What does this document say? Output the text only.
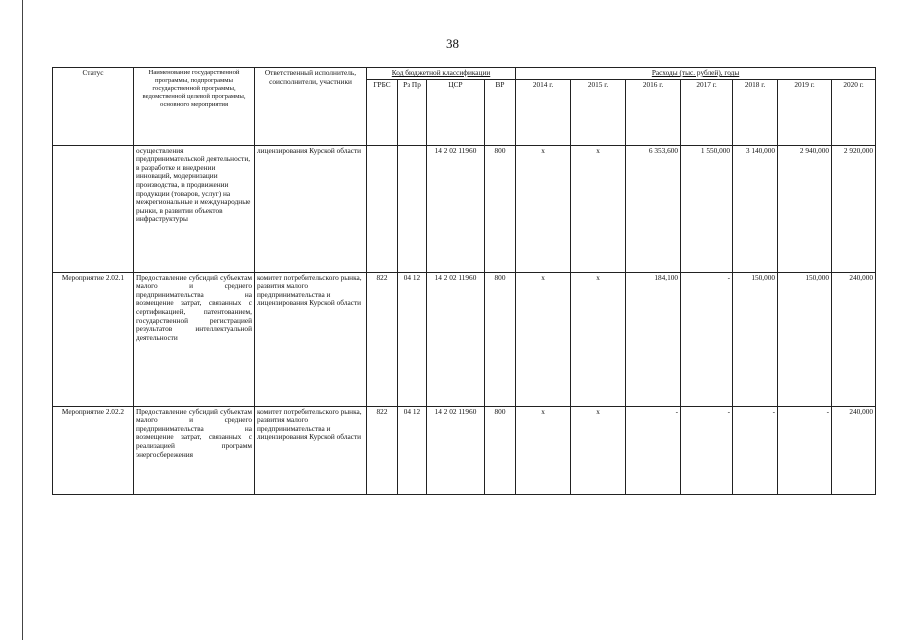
38
Статус	Наименование государственной программы, подпрограммы государственной программы, ведомственной целевой программы, основного мероприятия	Ответственный исполнитель, соисполнители, участники	Код бюджетной классификации				Расходы (тыс. рублей), годы						
			ГРБС	Рз Пр	ЦСР	ВР	2014 г.	2015 г.	2016 г.	2017 г.	2018 г.	2019 г.	2020 г.
	осуществления предпринимательской деятельности, в разработке и внедрении инноваций, модернизации производства, в продвижении продукции (товаров, услуг) на межрегиональные и международные рынки, в развитии объектов инфраструктуры	лицензирования Курской области			14 2 02 11960	800	х	х	6 353,600	1 550,000	3 140,000	2 940,000	2 920,000
Мероприятие 2.02.1	Предоставление субсидий субъектам малого и среднего предпринимательства на возмещение затрат, связанных с сертификацией, патентованием, государственной регистрацией результатов интеллектуальной деятельности	комитет потребительского рынка, развития малого предпринимательства и лицензирования Курской области	822	04 12	14 2 02 11960	800	х	х	184,100	-	150,000	150,000	240,000
Мероприятие 2.02.2	Предоставление субсидий субъектам малого и среднего предпринимательства на возмещение затрат, связанных с реализацией программ энергосбережения	комитет потребительского рынка, развития малого предпринимательства и лицензирования Курской области	822	04 12	14 2 02 11960	800	х	х	-	-	-	-	240,000
